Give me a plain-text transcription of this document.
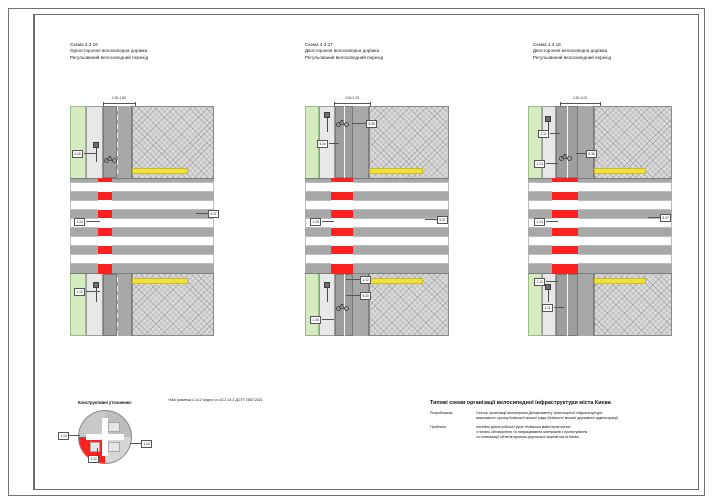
Схема 4.3.16
Одностороння велосипедна доріжка
Регульований велосипедний перехід
1,50-1,80
1.16
1.14
5.37
1.12
Схема 4.3.17
Двостороння велосипедна доріжка
Регульований велосипедний перехід
2,00-2,25
5.36
5.34
1.15	5.37
1.12
5.33
1.36
Схема 4.3.18
Двостороння велосипедна доріжка
Регульований велосипедний перехід
2,50-3,00
1.11
5.36
1.13
1.14
5.37
1.12
1.11
Конструктивні уточнення:
1.13
1.14
1.12
*Або розмітка 1.14.2 згідно з п.10.2 14.2 ДСТУ 2587:2021	Типові схеми організації велосипедної інфраструктури міста Києва
Розробником:	Сектор організації велопереми Департаменту транспортної інфраструктури
виконавчого органу Київської міської ради (Київської міської державної адміністрації)
Прийнято:	постійно діюча робоча група «Київська майстерня міста»
з питань обговорення та напрацювання матеріалів з проектування
та оптимізації об'єктів вулично-дорожньої мережі міста Києва
